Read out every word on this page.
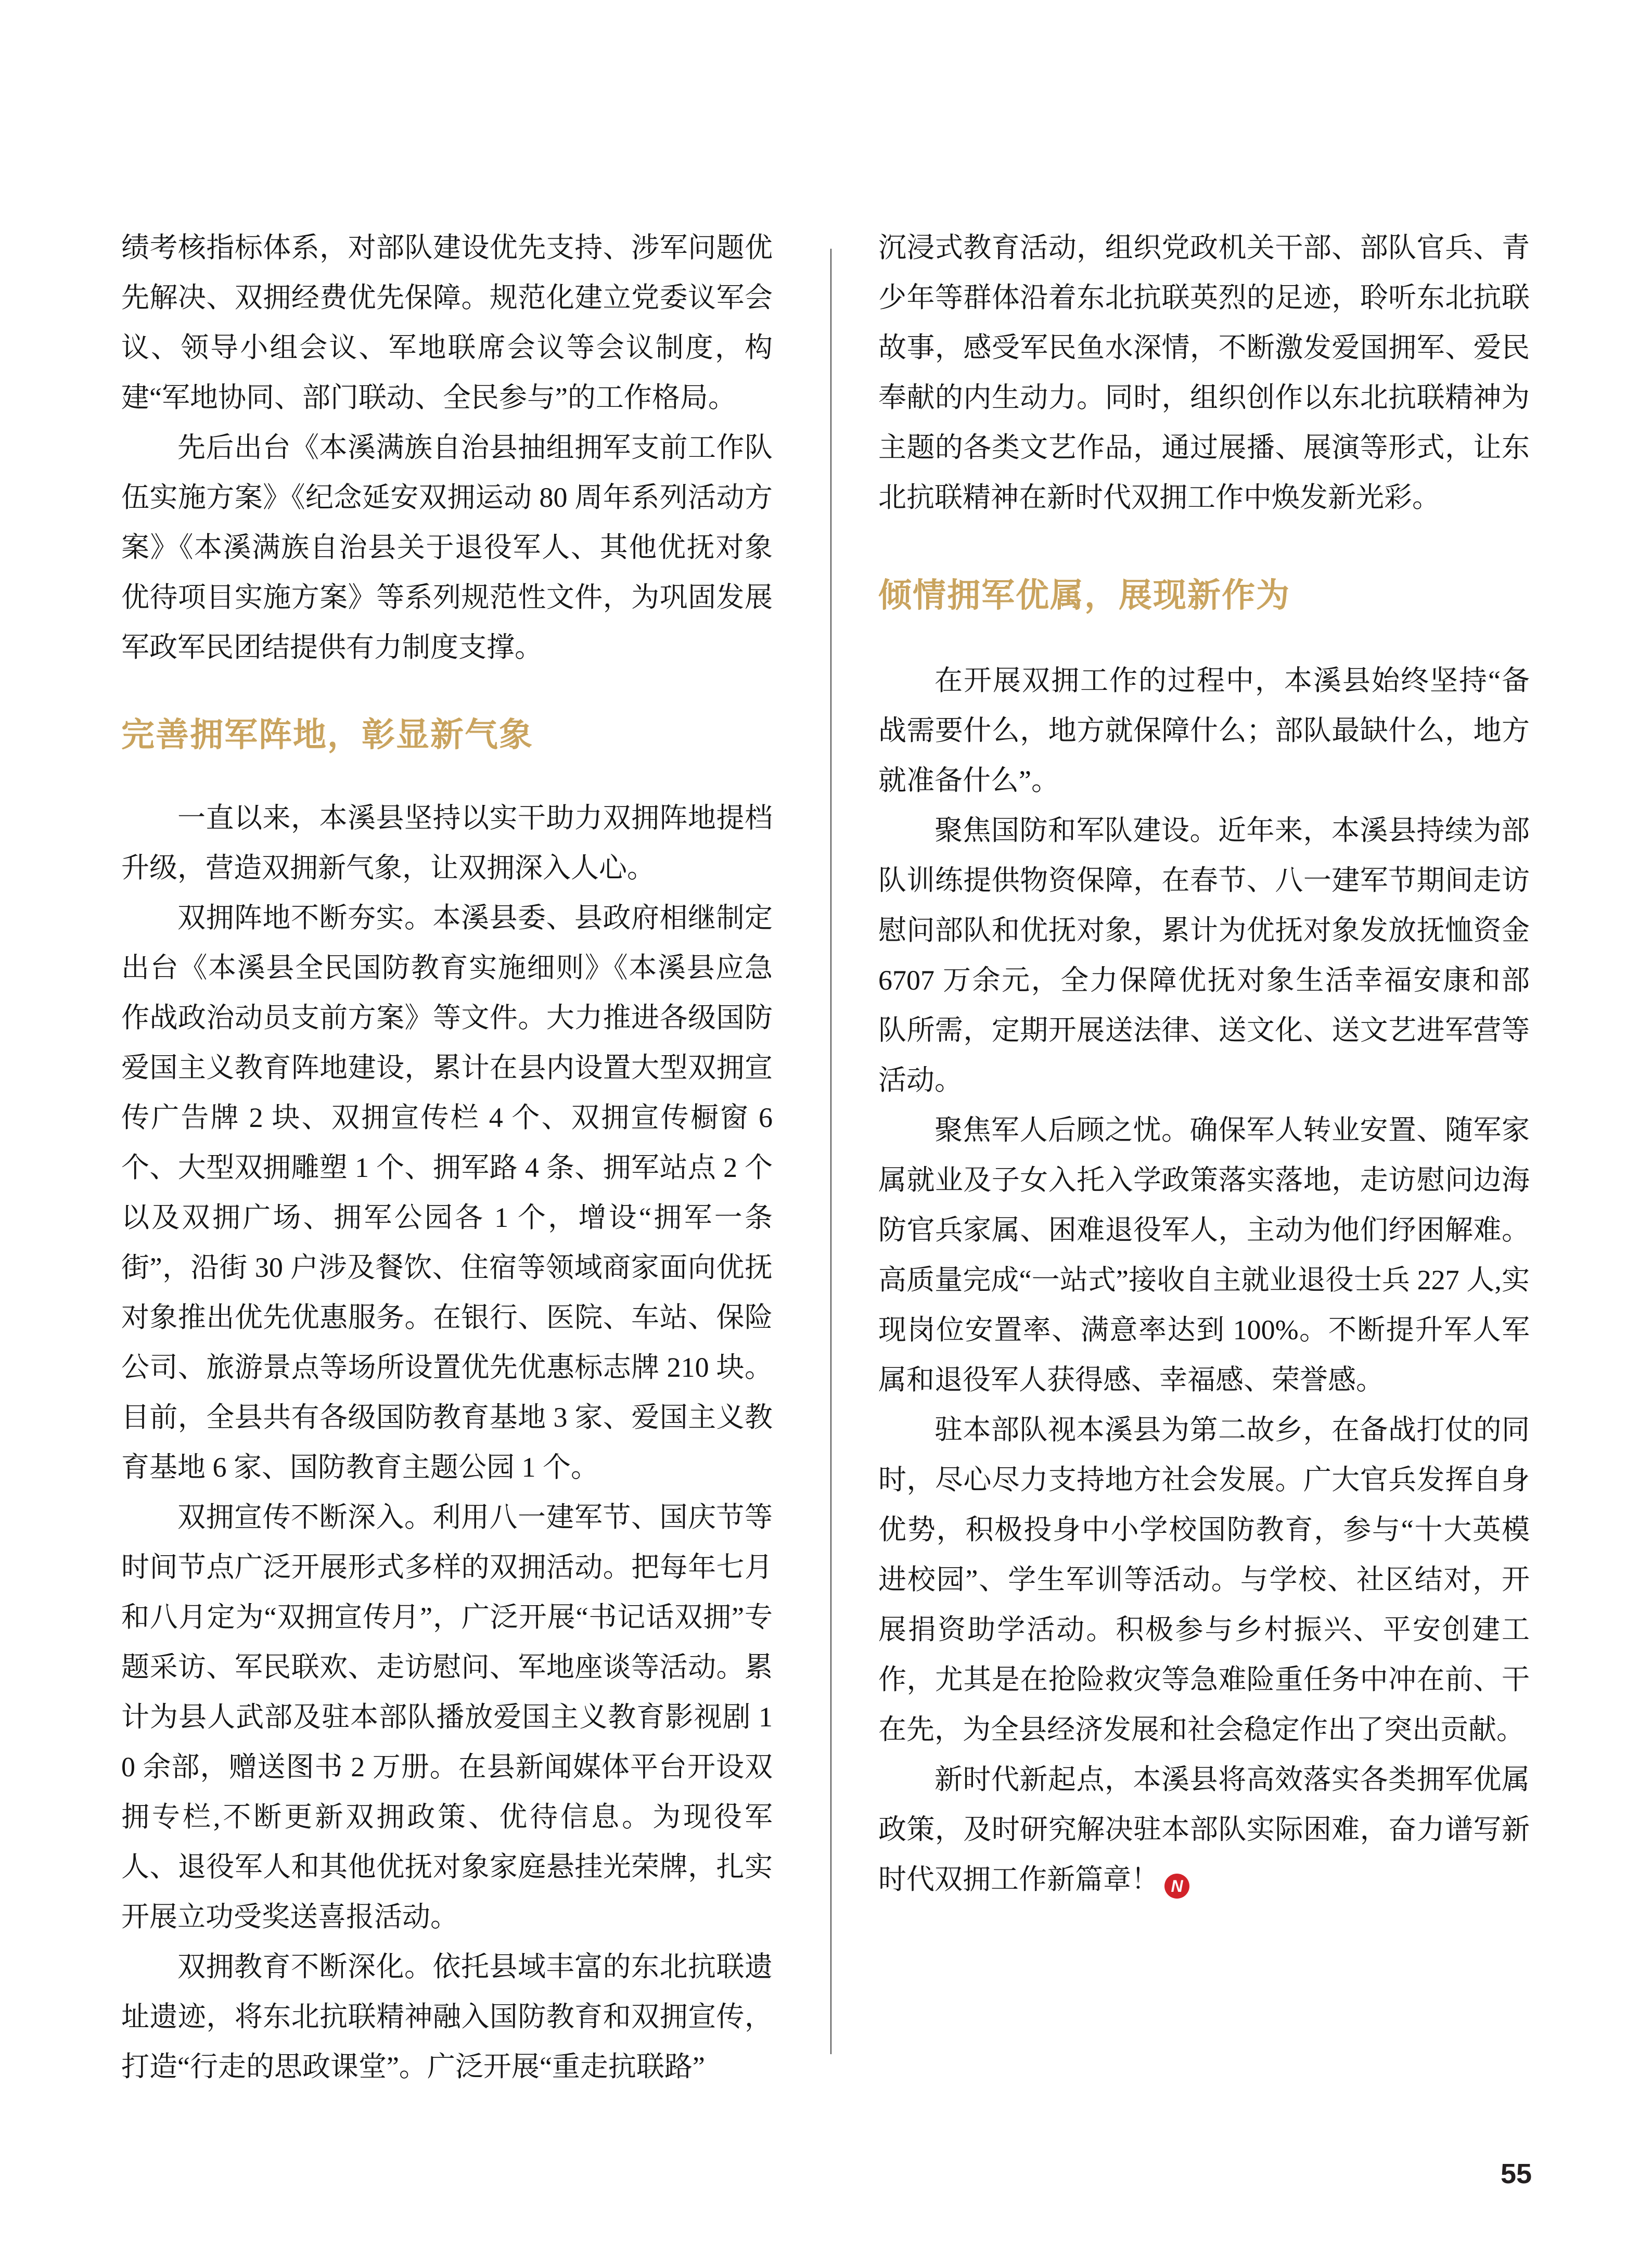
绩考核指标体系，对部队建设优先支持、涉军问题优先解决、双拥经费优先保障。规范化建立党委议军会议、领导小组会议、军地联席会议等会议制度，构建“军地协同、部门联动、全民参与”的工作格局。

先后出台《本溪满族自治县抽组拥军支前工作队伍实施方案》《纪念延安双拥运动 80 周年系列活动方案》《本溪满族自治县关于退役军人、其他优抚对象优待项目实施方案》等系列规范性文件，为巩固发展军政军民团结提供有力制度支撑。

完善拥军阵地，彰显新气象

一直以来，本溪县坚持以实干助力双拥阵地提档升级，营造双拥新气象，让双拥深入人心。

双拥阵地不断夯实。本溪县委、县政府相继制定出台《本溪县全民国防教育实施细则》《本溪县应急作战政治动员支前方案》等文件。大力推进各级国防爱国主义教育阵地建设，累计在县内设置大型双拥宣传广告牌 2 块、双拥宣传栏 4 个、双拥宣传橱窗 6 个、大型双拥雕塑 1 个、拥军路 4 条、拥军站点 2 个以及双拥广场、拥军公园各 1 个，增设“拥军一条街”，沿街 30 户涉及餐饮、住宿等领域商家面向优抚对象推出优先优惠服务。在银行、医院、车站、保险公司、旅游景点等场所设置优先优惠标志牌 210 块。目前，全县共有各级国防教育基地 3 家、爱国主义教育基地 6 家、国防教育主题公园 1 个。

双拥宣传不断深入。利用八一建军节、国庆节等时间节点广泛开展形式多样的双拥活动。把每年七月和八月定为“双拥宣传月”，广泛开展“书记话双拥”专题采访、军民联欢、走访慰问、军地座谈等活动。累计为县人武部及驻本部队播放爱国主义教育影视剧 10 余部，赠送图书 2 万册。在县新闻媒体平台开设双拥专栏,不断更新双拥政策、优待信息。为现役军人、退役军人和其他优抚对象家庭悬挂光荣牌，扎实开展立功受奖送喜报活动。

双拥教育不断深化。依托县域丰富的东北抗联遗址遗迹，将东北抗联精神融入国防教育和双拥宣传，打造“行走的思政课堂”。广泛开展“重走抗联路”

沉浸式教育活动，组织党政机关干部、部队官兵、青少年等群体沿着东北抗联英烈的足迹，聆听东北抗联故事，感受军民鱼水深情，不断激发爱国拥军、爱民奉献的内生动力。同时，组织创作以东北抗联精神为主题的各类文艺作品，通过展播、展演等形式，让东北抗联精神在新时代双拥工作中焕发新光彩。

倾情拥军优属，展现新作为

在开展双拥工作的过程中，本溪县始终坚持“备战需要什么，地方就保障什么；部队最缺什么，地方就准备什么”。

聚焦国防和军队建设。近年来，本溪县持续为部队训练提供物资保障，在春节、八一建军节期间走访慰问部队和优抚对象，累计为优抚对象发放抚恤资金 6707 万余元，全力保障优抚对象生活幸福安康和部队所需，定期开展送法律、送文化、送文艺进军营等活动。

聚焦军人后顾之忧。确保军人转业安置、随军家属就业及子女入托入学政策落实落地，走访慰问边海防官兵家属、困难退役军人，主动为他们纾困解难。高质量完成“一站式”接收自主就业退役士兵 227 人,实现岗位安置率、满意率达到 100%。不断提升军人军属和退役军人获得感、幸福感、荣誉感。

驻本部队视本溪县为第二故乡，在备战打仗的同时，尽心尽力支持地方社会发展。广大官兵发挥自身优势，积极投身中小学校国防教育，参与“十大英模进校园”、学生军训等活动。与学校、社区结对，开展捐资助学活动。积极参与乡村振兴、平安创建工作，尤其是在抢险救灾等急难险重任务中冲在前、干在先，为全县经济发展和社会稳定作出了突出贡献。

新时代新起点，本溪县将高效落实各类拥军优属政策，及时研究解决驻本部队实际困难，奋力谱写新时代双拥工作新篇章！ N

55
